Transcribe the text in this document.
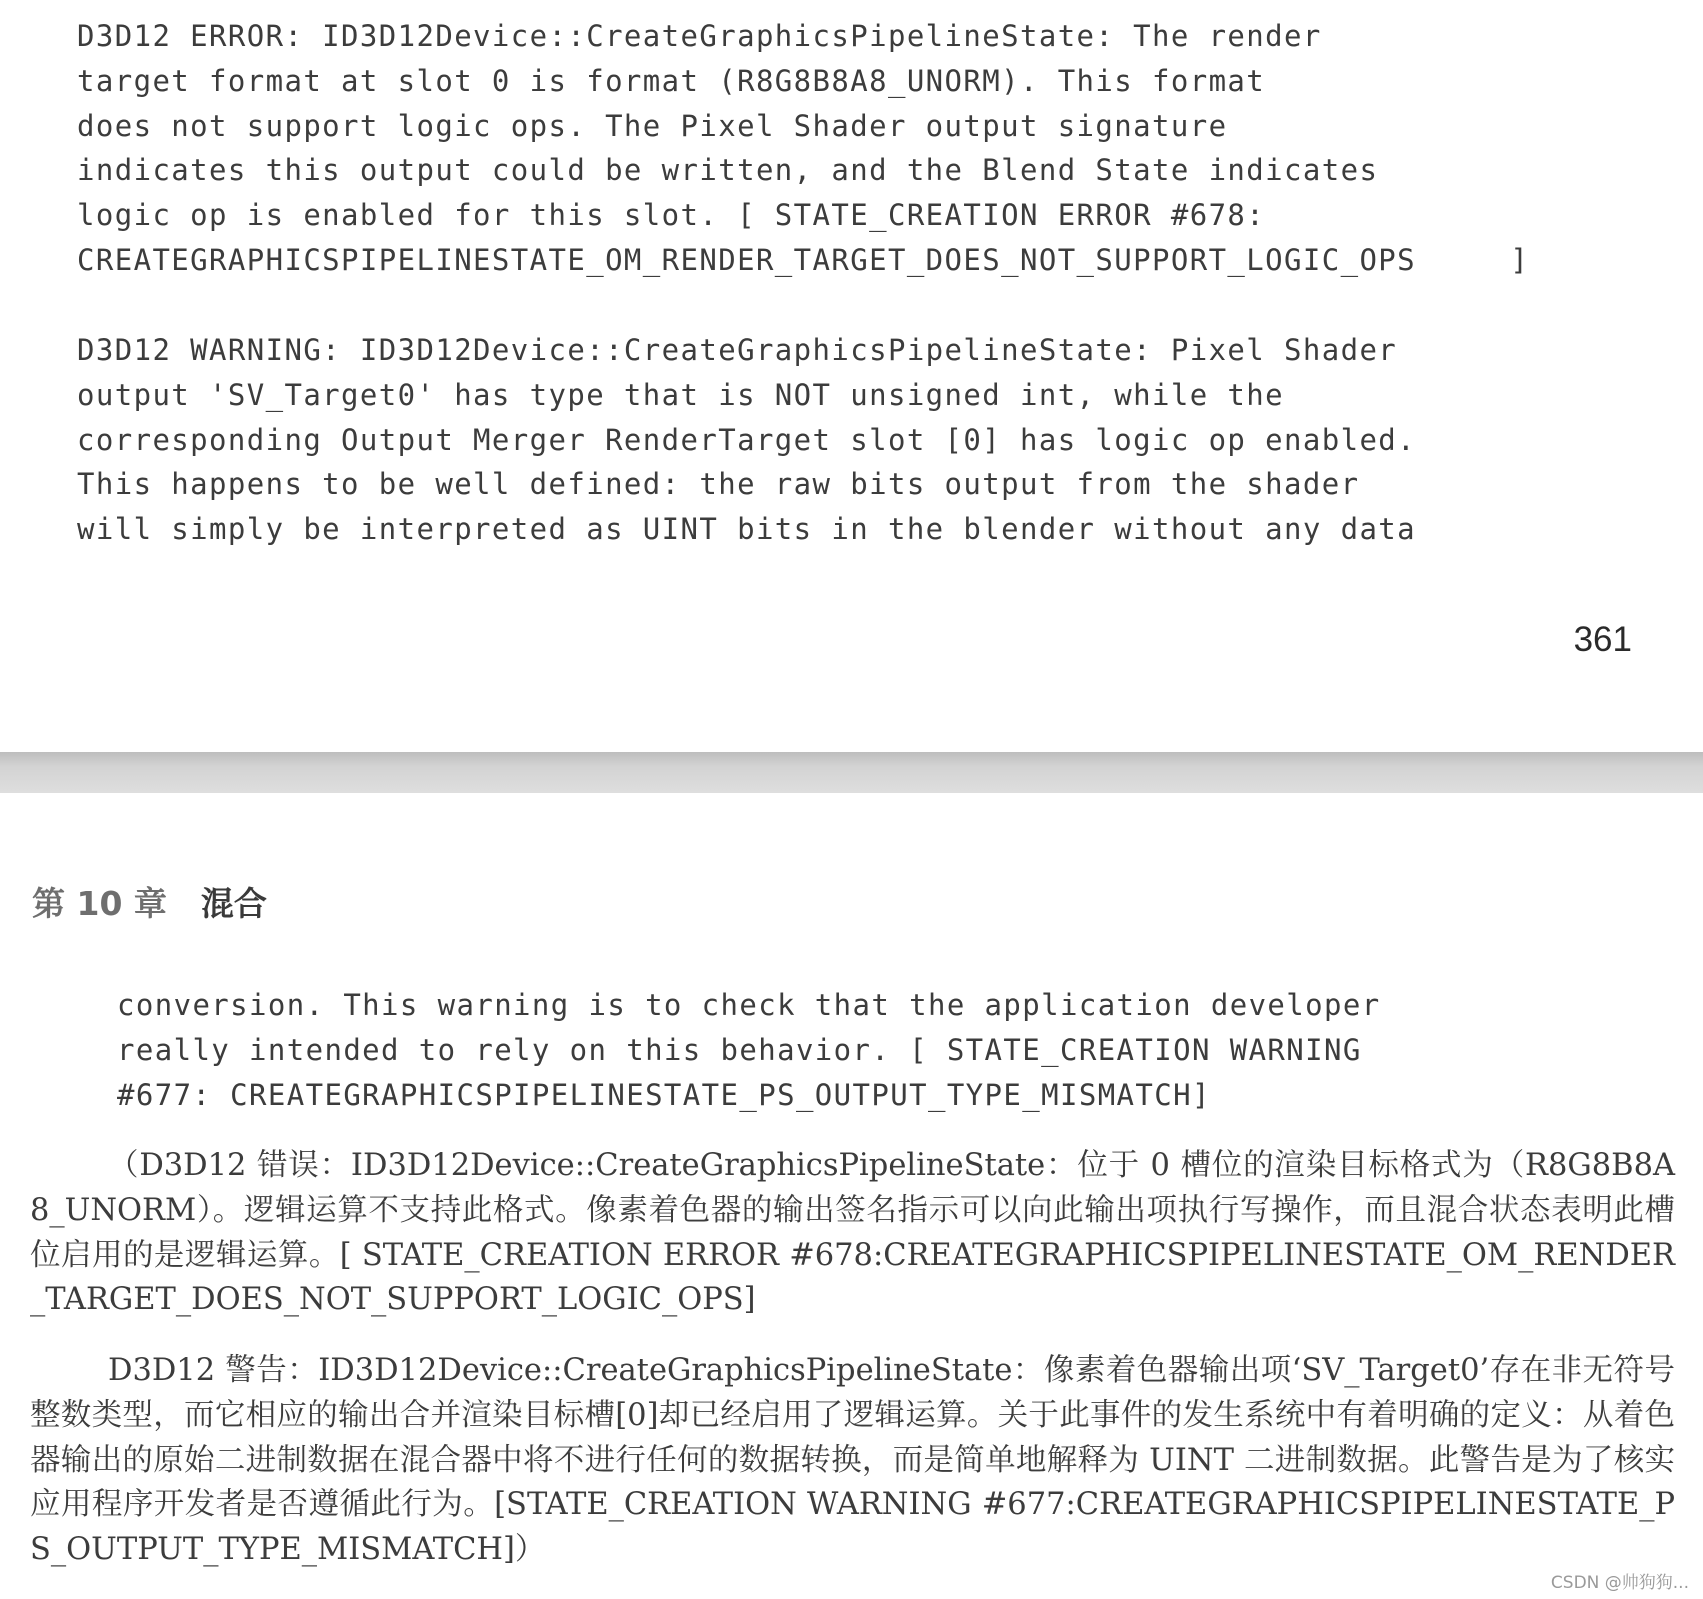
D3D12 ERROR: ID3D12Device::CreateGraphicsPipelineState: The render
target format at slot 0 is format (R8G8B8A8_UNORM). This format
does not support logic ops. The Pixel Shader output signature
indicates this output could be written, and the Blend State indicates
logic op is enabled for this slot. [ STATE_CREATION ERROR #678:
CREATEGRAPHICSPIPELINESTATE_OM_RENDER_TARGET_DOES_NOT_SUPPORT_LOGIC_OPS     ]
D3D12 WARNING: ID3D12Device::CreateGraphicsPipelineState: Pixel Shader
output 'SV_Target0' has type that is NOT unsigned int, while the
corresponding Output Merger RenderTarget slot [0] has logic op enabled.
This happens to be well defined: the raw bits output from the shader
will simply be interpreted as UINT bits in the blender without any data
361
第 10 章 混合
conversion. This warning is to check that the application developer
really intended to rely on this behavior. [ STATE_CREATION WARNING
#677: CREATEGRAPHICSPIPELINESTATE_PS_OUTPUT_TYPE_MISMATCH]

（D3D12 错误：ID3D12Device::CreateGraphicsPipelineState：位于 0 槽位的渲染目标格式为（R8G8B8A8_UNORM）。逻辑运算不支持此格式。像素着色器的输出签名指示可以向此输出项执行写操作，而且混合状态表明此槽位启用的是逻辑运算。[ STATE_CREATION ERROR #678:CREATEGRAPHICSPIPELINESTATE_OM_RENDER_TARGET_DOES_NOT_SUPPORT_LOGIC_OPS]

D3D12 警告：ID3D12Device::CreateGraphicsPipelineState：像素着色器输出项‘SV_Target0’存在非无符号整数类型，而它相应的输出合并渲染目标槽[0]却已经启用了逻辑运算。关于此事件的发生系统中有着明确的定义：从着色器输出的原始二进制数据在混合器中将不进行任何的数据转换，而是简单地解释为 UINT 二进制数据。此警告是为了核实应用程序开发者是否遵循此行为。[STATE_CREATION WARNING #677:CREATEGRAPHICSPIPELINESTATE_PS_OUTPUT_TYPE_MISMATCH]）

CSDN @帅狗狗...
